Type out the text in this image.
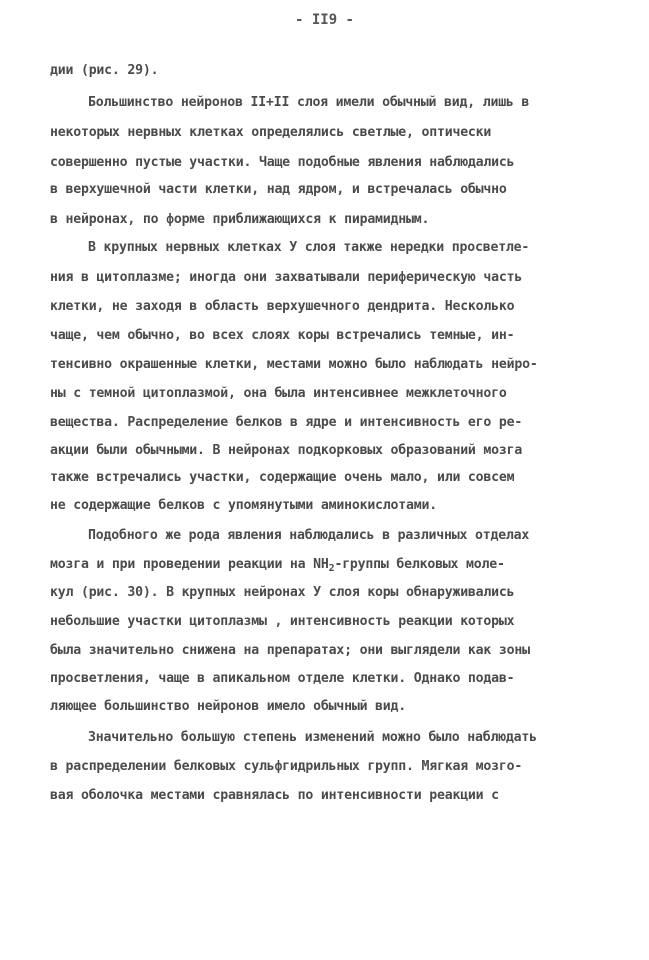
- II9 -
дии (рис. 29).
Большинство нейронов II+II слоя имели обычный вид, лишь в
некоторых нервных клетках определялись светлые, оптически
совершенно пустые участки. Чаще подобные явления наблюдались
в верхушечной части клетки, над ядром, и встречалась обычно
в нейронах, по форме приближающихся к пирамидным.
В крупных нервных клетках У слоя также нередки просветле-
ния в цитоплазме; иногда они захватывали периферическую часть
клетки, не заходя в область верхушечного дендрита. Несколько
чаще, чем обычно, во всех слоях коры встречались темные, ин-
тенсивно окрашенные клетки, местами можно было наблюдать нейро-
ны с темной цитоплазмой, она была интенсивнее межклеточного
вещества. Распределение белков в ядре и интенсивность его ре-
акции были обычными. В нейронах подкорковых образований мозга
также встречались участки, содержащие очень мало, или совсем
не содержащие белков с упомянутыми аминокислотами.
Подобного же рода явления наблюдались в различных отделах
мозга и при проведении реакции на $NH_2$-группы белковых моле-
кул (рис. 30). В крупных нейронах У слоя коры обнаруживались
небольшие участки цитоплазмы , интенсивность реакции которых
была значительно снижена на препаратах; они выглядели как зоны
просветления, чаще в апикальном отделе клетки. Однако подав-
ляющее большинство нейронов имело обычный вид.
Значительно большую степень изменений можно было наблюдать
в распределении белковых сульфгидрильных групп. Мягкая мозго-
вая оболочка местами сравнялась по интенсивности реакции с
